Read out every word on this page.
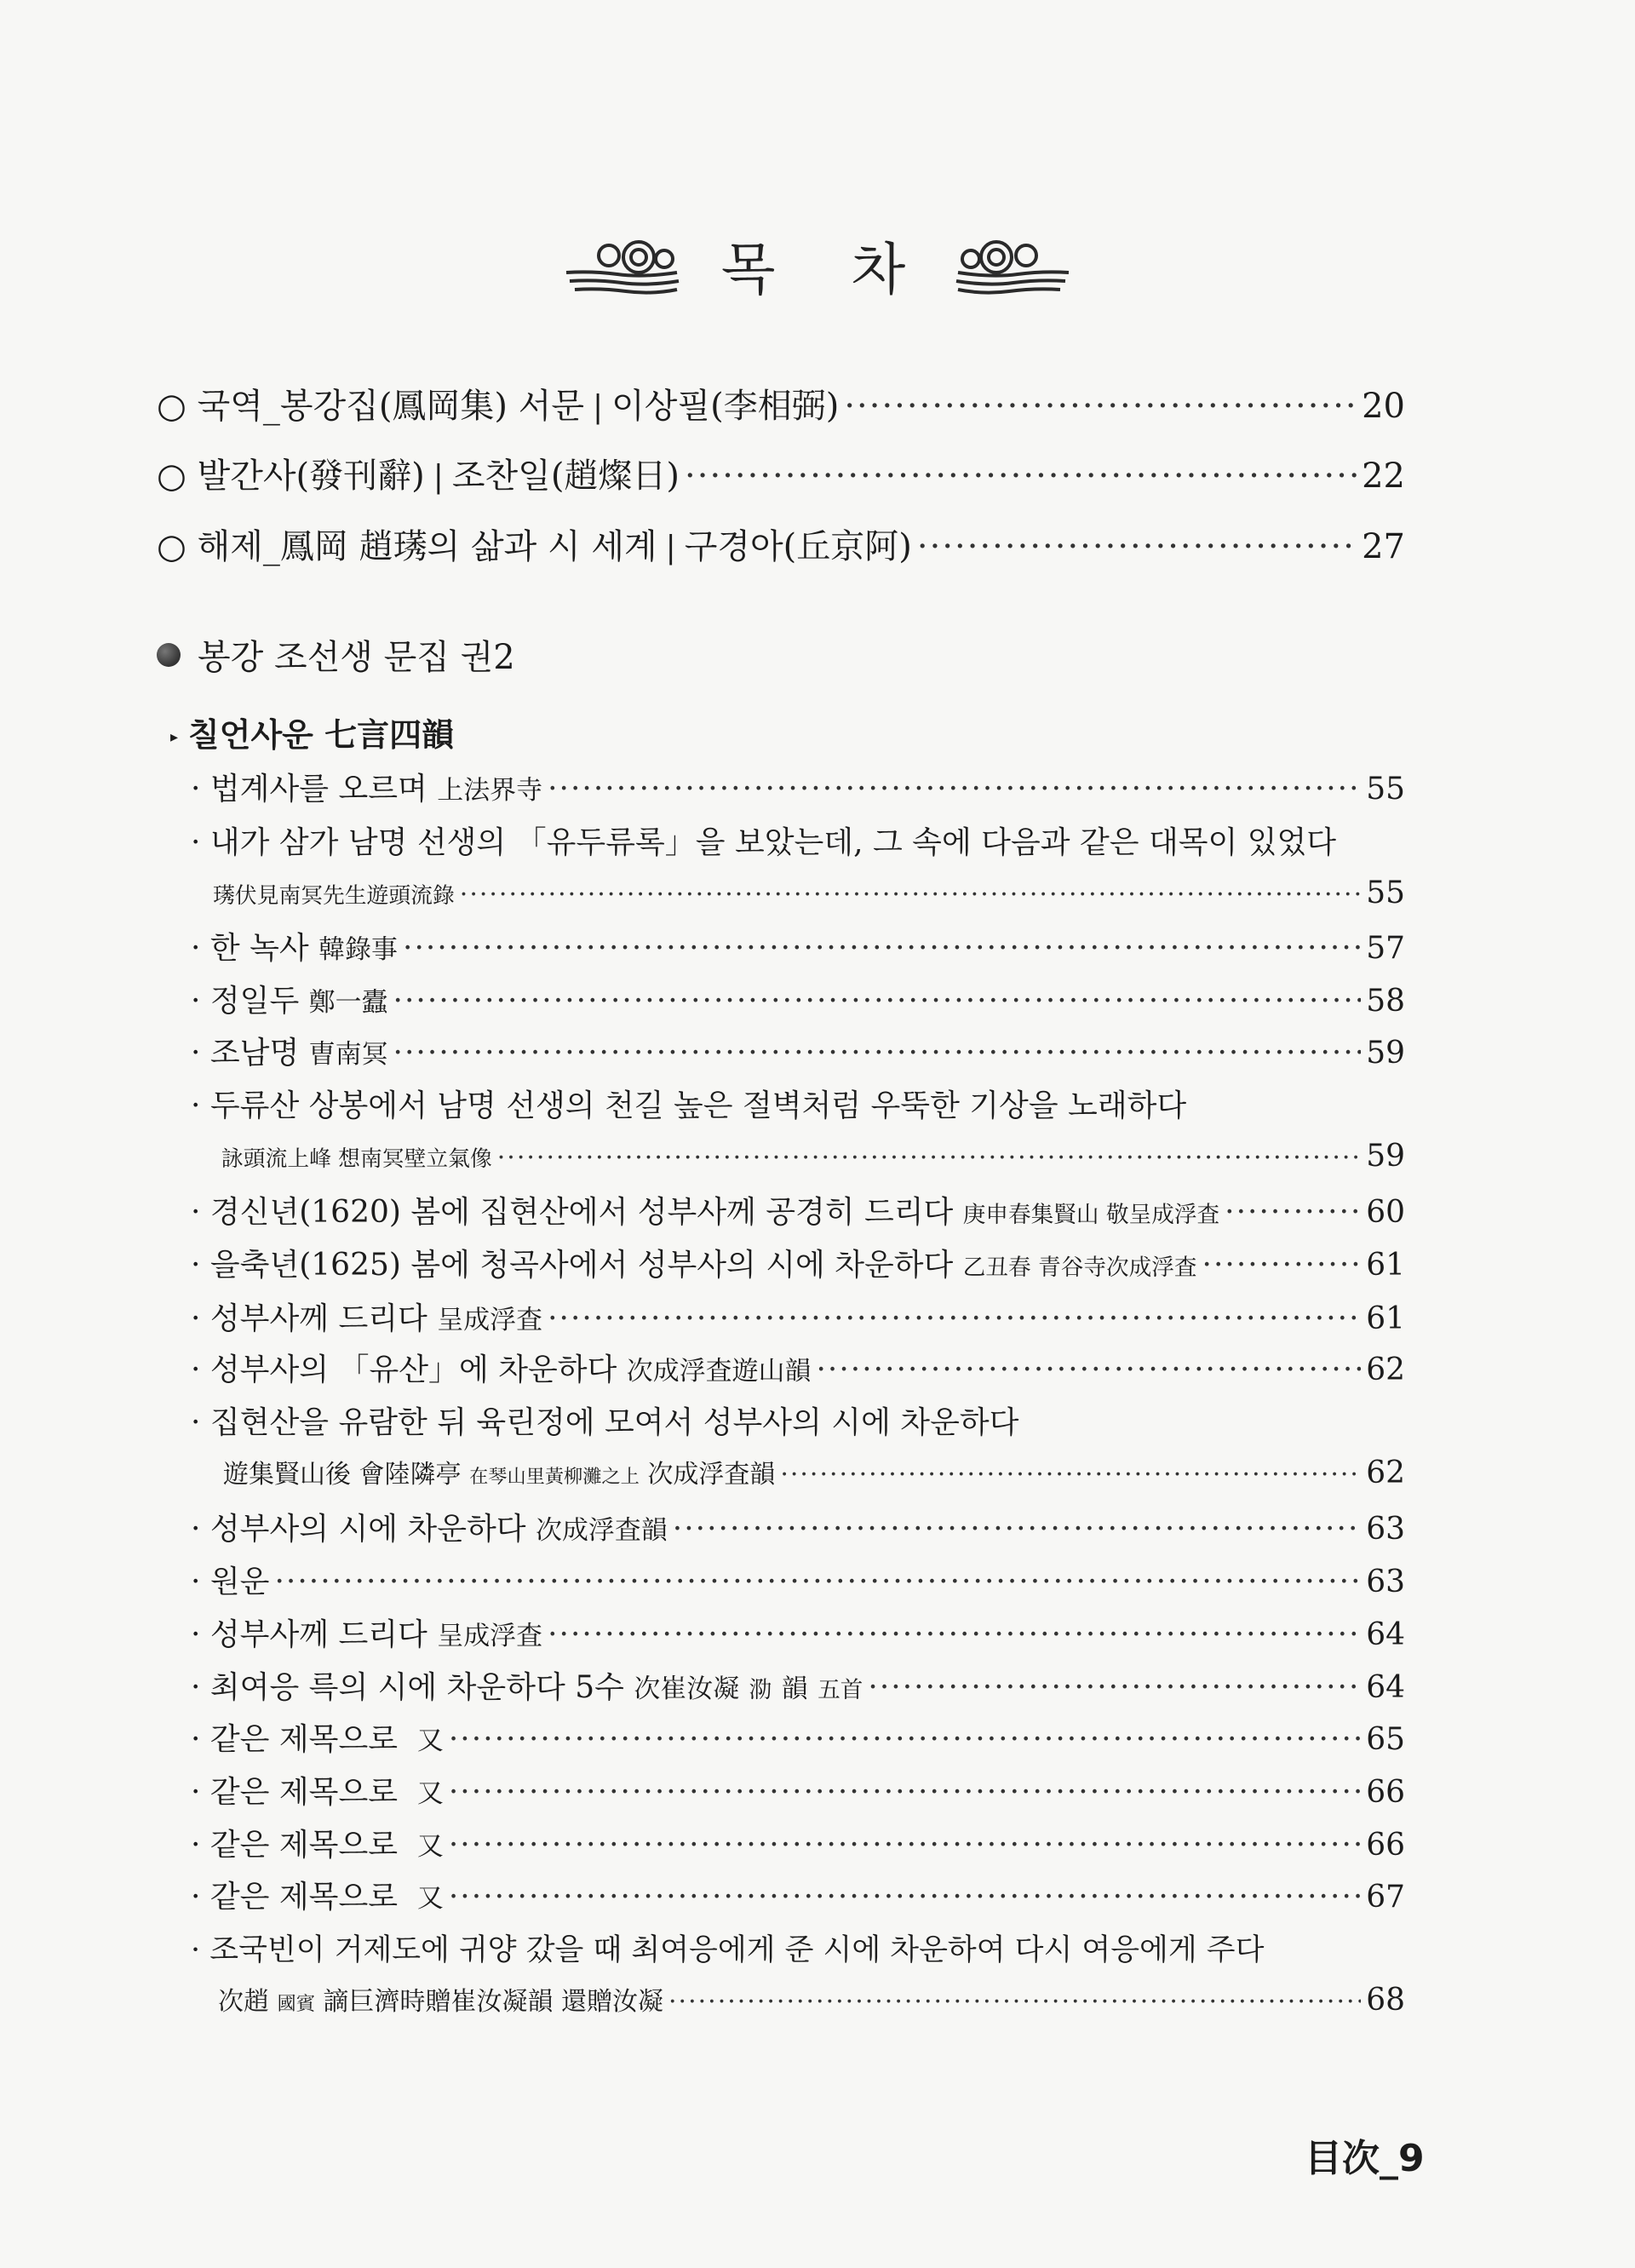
목 차
○ 국역_봉강집(鳳岡集) 서문 | 이상필(李相弼) ·····	20
○ 발간사(發刊辭) | 조찬일(趙燦日) ·····	22
○ 해제_鳳岡 趙璓의 삶과 시 세계 | 구경아(丘京阿) ·····	27
봉강 조선생 문집 권2
▸ 칠언사운 七言四韻
· 법계사를 오르며 上法界寺 ·····	55
· 내가 삼가 남명 선생의 「유두류록」을 보았는데, 그 속에 다음과 같은 대목이 있었다
璓伏見南冥先生遊頭流錄 ·····	55
· 한 녹사 韓錄事 ·····	57
· 정일두 鄭一蠹 ·····	58
· 조남명 曺南冥 ·····	59
· 두류산 상봉에서 남명 선생의 천길 높은 절벽처럼 우뚝한 기상을 노래하다
詠頭流上峰 想南冥壁立氣像 ·····	59
· 경신년(1620) 봄에 집현산에서 성부사께 공경히 드리다 庚申春集賢山 敬呈成浮査 ·····	60
· 을축년(1625) 봄에 청곡사에서 성부사의 시에 차운하다 乙丑春 青谷寺次成浮査 ·····	61
· 성부사께 드리다 呈成浮査 ·····	61
· 성부사의 「유산」에 차운하다 次成浮査遊山韻 ·····	62
· 집현산을 유람한 뒤 육린정에 모여서 성부사의 시에 차운하다
遊集賢山後 會陸隣亭 在琴山里黃柳灘之上 次成浮査韻 ·····	62
· 성부사의 시에 차운하다 次成浮査韻 ·····	63
· 원운 ·····	63
· 성부사께 드리다 呈成浮査 ·····	64
· 최여응 륵의 시에 차운하다 5수 次崔汝凝 泐 韻 五首 ·····	64
· 같은 제목으로 又 ·····	65
· 같은 제목으로 又 ·····	66
· 같은 제목으로 又 ·····	66
· 같은 제목으로 又 ·····	67
· 조국빈이 거제도에 귀양 갔을 때 최여응에게 준 시에 차운하여 다시 여응에게 주다
次趙 國賓 謫巨濟時贈崔汝凝韻 還贈汝凝 ·····	68
目次_9
